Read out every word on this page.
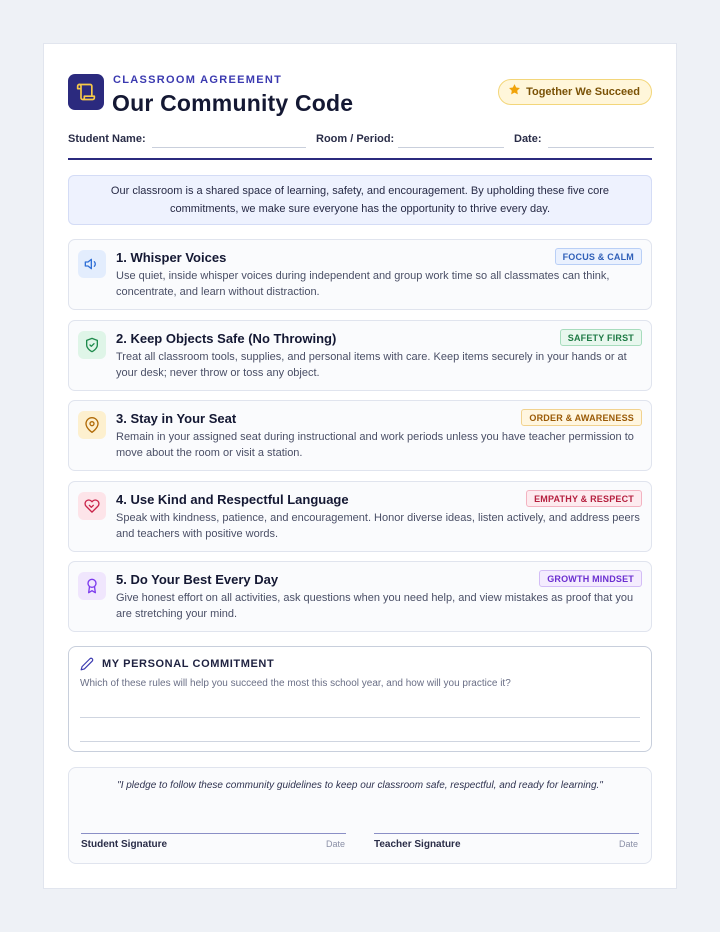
CLASSROOM AGREEMENT
Our Community Code	Together We Succeed
Student Name:	Room / Period:	Date:
Our classroom is a shared space of learning, safety, and encouragement. By upholding these five core commitments, we make sure everyone has the opportunity to thrive every day.
1. Whisper Voices	FOCUS & CALM
Use quiet, inside whisper voices during independent and group work time so all classmates can think, concentrate, and learn without distraction.
2. Keep Objects Safe (No Throwing)	SAFETY FIRST
Treat all classroom tools, supplies, and personal items with care. Keep items securely in your hands or at your desk; never throw or toss any object.
3. Stay in Your Seat	ORDER & AWARENESS
Remain in your assigned seat during instructional and work periods unless you have teacher permission to move about the room or visit a station.
4. Use Kind and Respectful Language	EMPATHY & RESPECT
Speak with kindness, patience, and encouragement. Honor diverse ideas, listen actively, and address peers and teachers with positive words.
5. Do Your Best Every Day	GROWTH MINDSET
Give honest effort on all activities, ask questions when you need help, and view mistakes as proof that you are stretching your mind.
MY PERSONAL COMMITMENT
Which of these rules will help you succeed the most this school year, and how will you practice it?
"I pledge to follow these community guidelines to keep our classroom safe, respectful, and ready for learning."
Student Signature	Date	Teacher Signature	Date
